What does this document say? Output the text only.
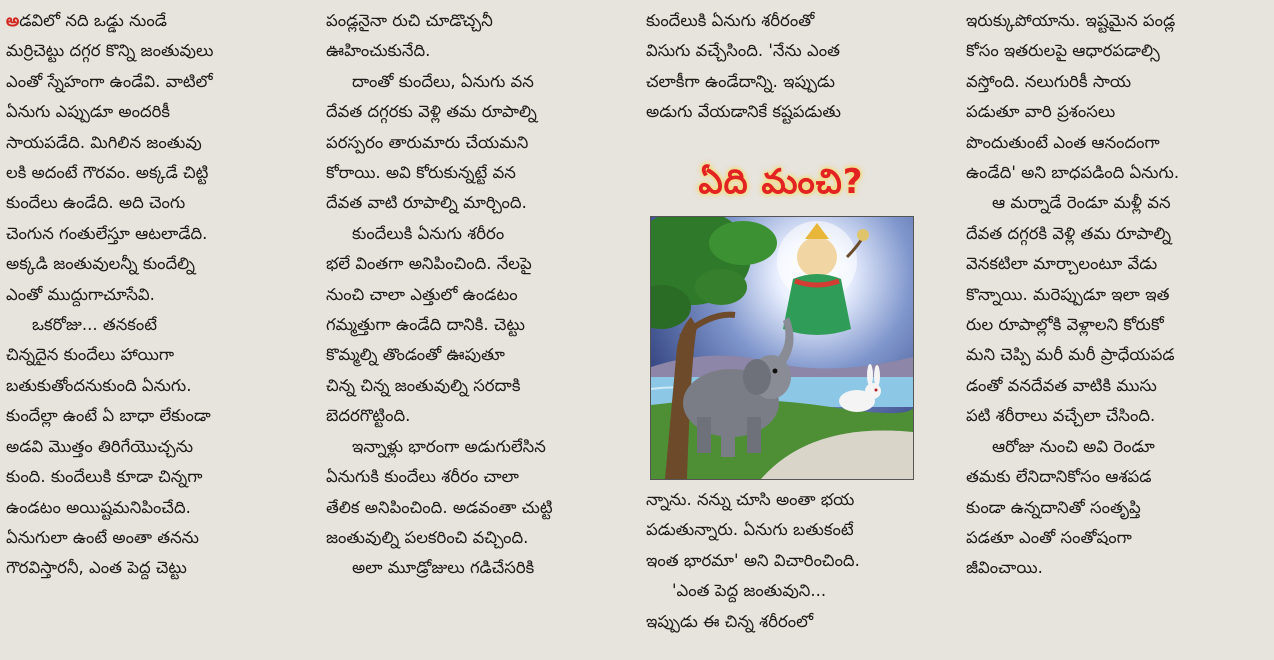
అడవిలో నది ఒడ్డు నుండే

మర్రిచెట్టు దగ్గర కొన్ని జంతువులు

ఎంతో స్నేహంగా ఉండేవి. వాటిలో

ఏనుగు ఎప్పుడూ అందరికీ

సాయపడేది. మిగిలిన జంతువు

లకి అదంటే గౌరవం. అక్కడే చిట్టి

కుందేలు ఉండేది. అది చెంగు

చెంగున గంతులేస్తూ ఆటలాడేది.

అక్కడి జంతువులన్నీ కుందేల్ని

ఎంతో ముద్దుగాచూసేవి.

ఒకరోజు... తనకంటే

చిన్నదైన కుందేలు హాయిగా

బతుకుతోందనుకుంది ఏనుగు.

కుందేల్లా ఉంటే ఏ బాధా లేకుండా

అడవి మొత్తం తిరిగేయొచ్చను

కుంది. కుందేలుకి కూడా చిన్నగా

ఉండటం అయిష్టమనిపించేది.

ఏనుగులా ఉంటే అంతా తనను

గౌరవిస్తారనీ, ఎంత పెద్ద చెట్టు

పండ్లనైనా రుచి చూడొచ్చనీ

ఊహించుకునేది.

దాంతో కుందేలు, ఏనుగు వన

దేవత దగ్గరకు వెళ్లి తమ రూపాల్ని

పరస్పరం తారుమారు చేయమని

కోరాయి. అవి కోరుకున్నట్టే వన

దేవత వాటి రూపాల్ని మార్చింది.

కుందేలుకి ఏనుగు శరీరం

భలే వింతగా అనిపించింది. నేలపై

నుంచి చాలా ఎత్తులో ఉండటం

గమ్మత్తుగా ఉండేది దానికి. చెట్టు

కొమ్మల్ని తొండంతో ఊపుతూ

చిన్న చిన్న జంతువుల్ని సరదాకి

బెదరగొట్టింది.

ఇన్నాళ్లు భారంగా అడుగులేసిన

ఏనుగుకి కుందేలు శరీరం చాలా

తేలిక అనిపించింది. అడవంతా చుట్టి

జంతువుల్ని పలకరించి వచ్చింది.

అలా మూడ్రోజులు గడిచేసరికి

కుందేలుకి ఏనుగు శరీరంతో

విసుగు వచ్చేసింది. 'నేను ఎంత

చలాకీగా ఉండేదాన్ని. ఇప్పుడు

అడుగు వేయడానికే కష్టపడుతు

ఏది మంచి?

న్నాను. నన్ను చూసి అంతా భయ

పడుతున్నారు. ఏనుగు బతుకంటే

ఇంత భారమా' అని విచారించింది.

'ఎంత పెద్ద జంతువుని...

ఇప్పుడు ఈ చిన్న శరీరంలో

ఇరుక్కుపోయాను. ఇష్టమైన పండ్ల

కోసం ఇతరులపై ఆధారపడాల్సి

వస్తోంది. నలుగురికీ సాయ

పడుతూ వారి ప్రశంసలు

పొందుతుంటే ఎంత ఆనందంగా

ఉండేది' అని బాధపడింది ఏనుగు.

ఆ మర్నాడే రెండూ మళ్లీ వన

దేవత దగ్గరకి వెళ్లి తమ రూపాల్ని

వెనకటిలా మార్చాలంటూ వేడు

కొన్నాయి. మరెప్పుడూ ఇలా ఇత

రుల రూపాల్లోకి వెళ్లాలని కోరుకో

మని చెప్పి మరీ మరీ ప్రాధేయపడ

డంతో వనదేవత వాటికి ముసు

పటి శరీరాలు వచ్చేలా చేసింది.

ఆరోజు నుంచి అవి రెండూ

తమకు లేనిదానికోసం ఆశపడ

కుండా ఉన్నదానితో సంతృప్తి

పడతూ ఎంతో సంతోషంగా

జీవించాయి.
